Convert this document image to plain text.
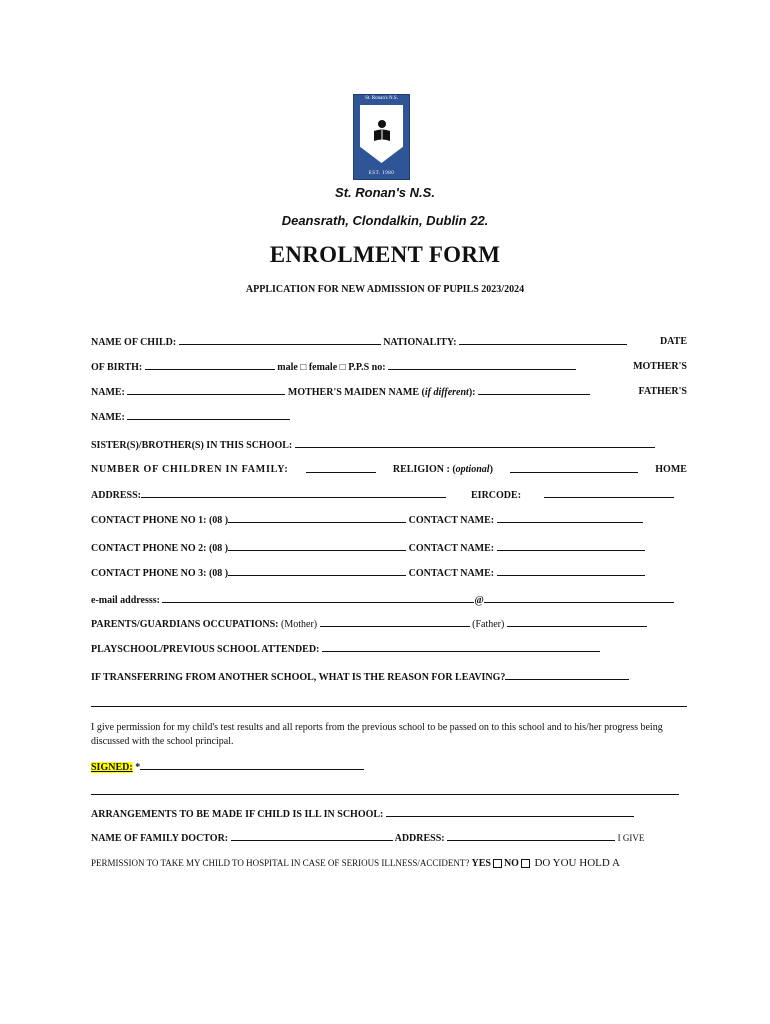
St. Ronan's N.S.
EST. 1980
St. Ronan's N.S.
Deansrath, Clondalkin, Dublin 22.
ENROLMENT FORM
APPLICATION FOR NEW ADMISSION OF PUPILS 2023/2024
NAME OF CHILD:	NATIONALITY:	DATE
OF BIRTH:	male □ female □ P.P.S no:	MOTHER'S
NAME:	MOTHER'S MAIDEN NAME (if different):	FATHER'S
NAME:
SISTER(S)/BROTHER(S) IN THIS SCHOOL:
NUMBER OF CHILDREN IN FAMILY:	RELIGION : (optional)	HOME
ADDRESS:	EIRCODE:
CONTACT PHONE NO 1: (08 )	CONTACT NAME:
CONTACT PHONE NO 2: (08 )	CONTACT NAME:
CONTACT PHONE NO 3: (08 )	CONTACT NAME:
e-mail addresss:	@
PARENTS/GUARDIANS OCCUPATIONS: (Mother)	(Father)
PLAYSCHOOL/PREVIOUS SCHOOL ATTENDED:
IF TRANSFERRING FROM ANOTHER SCHOOL, WHAT IS THE REASON FOR LEAVING?
I give permission for my child's test results and all reports from the previous school to be passed on to this school and to his/her progress being discussed with the school principal.
SIGNED: *
ARRANGEMENTS TO BE MADE IF CHILD IS ILL IN SCHOOL:
NAME OF FAMILY DOCTOR:	ADDRESS:	I GIVE
PERMISSION TO TAKE MY CHILD TO HOSPITAL IN CASE OF SERIOUS ILLNESS/ACCIDENT? YES NO DO YOU HOLD A
